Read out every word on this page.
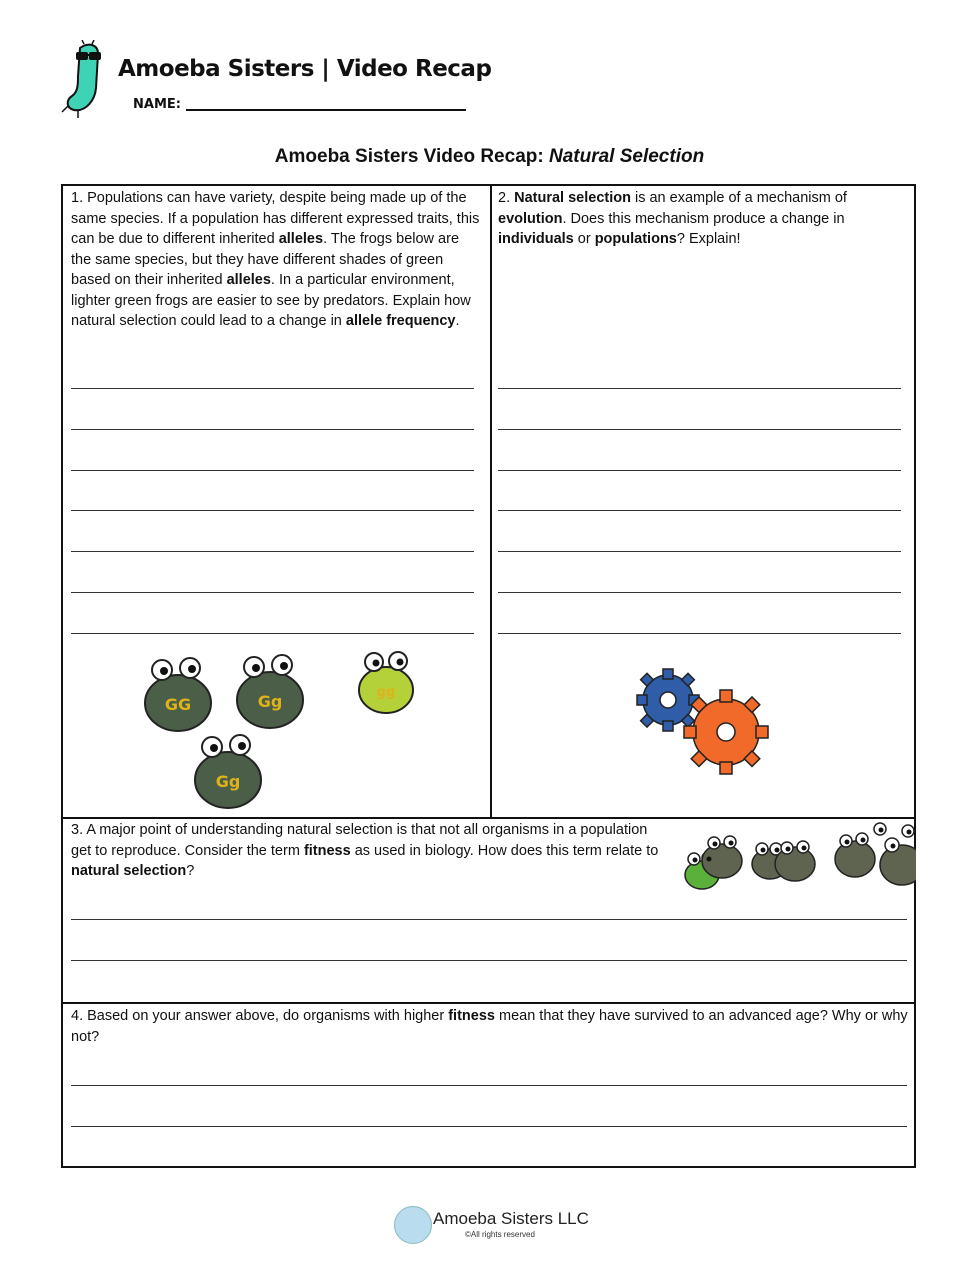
Amoeba Sisters | Video Recap
NAME:
Amoeba Sisters Video Recap: Natural Selection
1. Populations can have variety, despite being made up of the same species. If a population has different expressed traits, this can be due to different inherited alleles. The frogs below are the same species, but they have different shades of green based on their inherited alleles. In a particular environment, lighter green frogs are easier to see by predators. Explain how natural selection could lead to a change in allele frequency.
GG	Gg	gg
Gg
2. Natural selection is an example of a mechanism of evolution. Does this mechanism produce a change in individuals or populations? Explain!
3. A major point of understanding natural selection is that not all organisms in a population get to reproduce. Consider the term fitness as used in biology. How does this term relate to natural selection?
4. Based on your answer above, do organisms with higher fitness mean that they have survived to an advanced age? Why or why not?
Amoeba Sisters LLC
©All rights reserved
